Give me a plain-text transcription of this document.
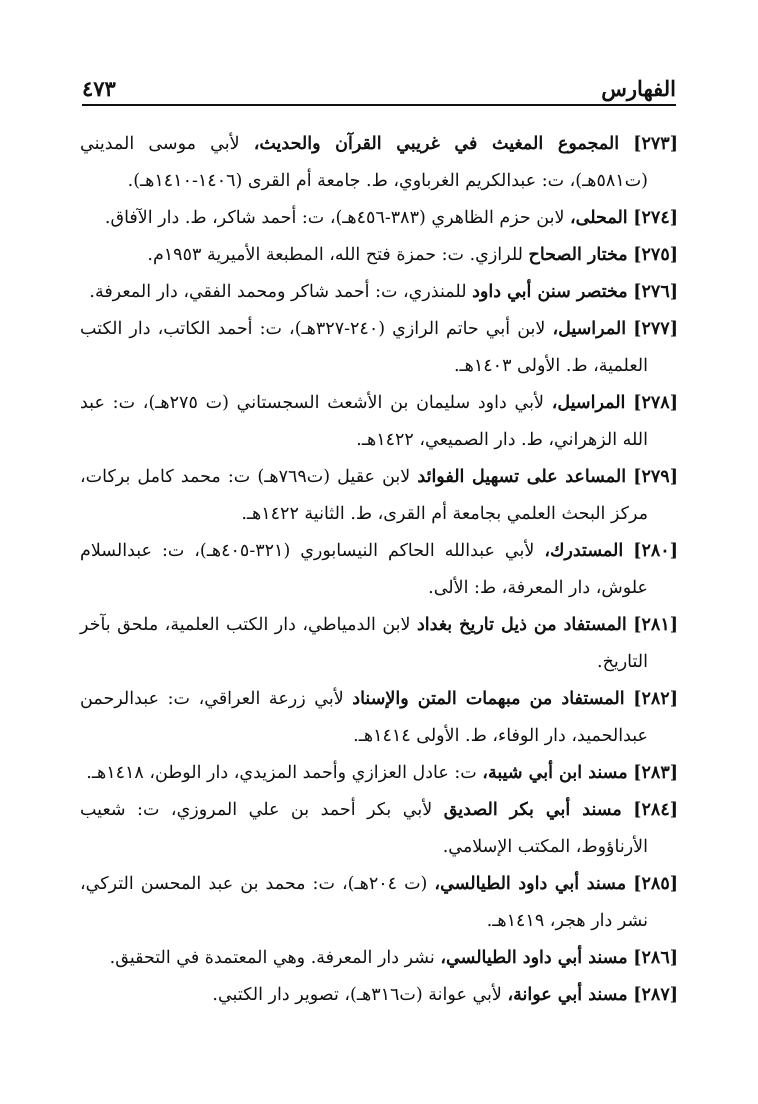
الفهارس
٤٧٣

[٢٧٣] المجموع المغيث في غريبي القرآن والحديث، لأبي موسى المديني (ت٥٨١هـ)، ت: عبدالكريم الغرباوي، ط. جامعة أم القرى (١٤٠٦-١٤١٠هـ).

[٢٧٤] المحلى، لابن حزم الظاهري (٣٨٣-٤٥٦هـ)، ت: أحمد شاكر، ط. دار الآفاق.

[٢٧٥] مختار الصحاح للرازي. ت: حمزة فتح الله، المطبعة الأميرية ١٩٥٣م.

[٢٧٦] مختصر سنن أبي داود للمنذري، ت: أحمد شاكر ومحمد الفقي، دار المعرفة.

[٢٧٧] المراسيل، لابن أبي حاتم الرازي (٢٤٠-٣٢٧هـ)، ت: أحمد الكاتب، دار الكتب العلمية، ط. الأولى ١٤٠٣هـ.

[٢٧٨] المراسيل، لأبي داود سليمان بن الأشعث السجستاني (ت ٢٧٥هـ)، ت: عبد الله الزهراني، ط. دار الصميعي، ١٤٢٢هـ.

[٢٧٩] المساعد على تسهيل الفوائد لابن عقيل (ت٧٦٩هـ) ت: محمد كامل بركات، مركز البحث العلمي بجامعة أم القرى، ط. الثانية ١٤٢٢هـ.

[٢٨٠] المستدرك، لأبي عبدالله الحاكم النيسابوري (٣٢١-٤٠٥هـ)، ت: عبدالسلام علوش، دار المعرفة، ط: الألى.

[٢٨١] المستفاد من ذيل تاريخ بغداد لابن الدمياطي، دار الكتب العلمية، ملحق بآخر التاريخ.

[٢٨٢] المستفاد من مبهمات المتن والإسناد لأبي زرعة العراقي، ت: عبدالرحمن عبدالحميد، دار الوفاء، ط. الأولى ١٤١٤هـ.

[٢٨٣] مسند ابن أبي شيبة، ت: عادل العزازي وأحمد المزيدي، دار الوطن، ١٤١٨هـ.

[٢٨٤] مسند أبي بكر الصديق لأبي بكر أحمد بن علي المروزي، ت: شعيب الأرناؤوط، المكتب الإسلامي.

[٢٨٥] مسند أبي داود الطيالسي، (ت ٢٠٤هـ)، ت: محمد بن عبد المحسن التركي، نشر دار هجر، ١٤١٩هـ.

[٢٨٦] مسند أبي داود الطيالسي، نشر دار المعرفة. وهي المعتمدة في التحقيق.

[٢٨٧] مسند أبي عوانة، لأبي عوانة (ت٣١٦هـ)، تصوير دار الكتبي.
